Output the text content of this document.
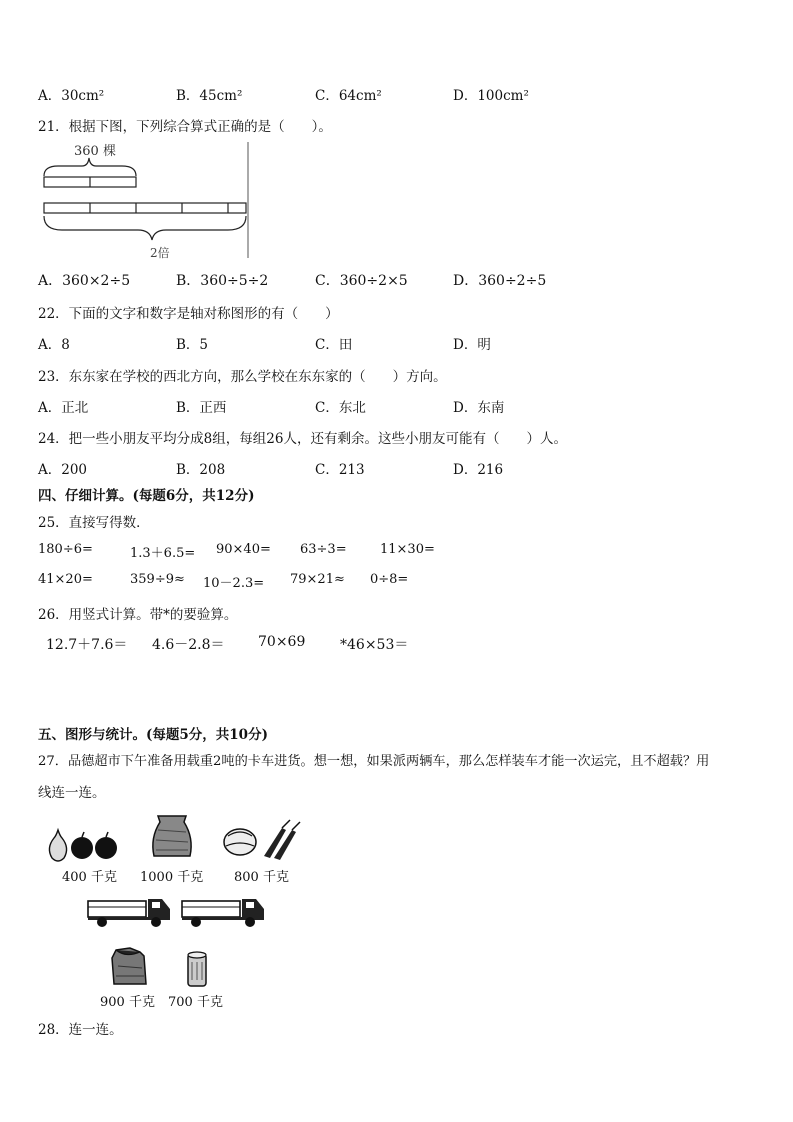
A．30cm²	B．45cm²	C．64cm²	D．100cm²
21．根据下图，下列综合算式正确的是（　　）。
360 棵
2倍
A．360×2÷5	B．360÷5÷2	C．360÷2×5	D．360÷2÷5
22．下面的文字和数字是轴对称图形的有（　　）
A．8	B．5	C．田	D．明
23．东东家在学校的西北方向，那么学校在东东家的（　　）方向。
A．正北	B．正西	C．东北	D．东南
24．把一些小朋友平均分成8组，每组26人，还有剩余。这些小朋友可能有（　　）人。
A．200	B．208	C．213	D．216
四、仔细计算。(每题6分，共12分)
25．直接写得数．
180÷6=	1.3＋6.5= 90×40= 63÷3=	11×30=
41×20=	359÷9≈ 10－2.3= 79×21≈ 0÷8=
26．用竖式计算。带*的要验算。
12.7＋7.6＝ 4.6－2.8＝ 70×69 *46×53＝
五、图形与统计。(每题5分，共10分)
27．品德超市下午准备用载重2吨的卡车进货。想一想，如果派两辆车，那么怎样装车才能一次运完，且不超载？用
线连一连。
400 千克 1000 千克 800 千克
900 千克 700 千克
28．连一连。
